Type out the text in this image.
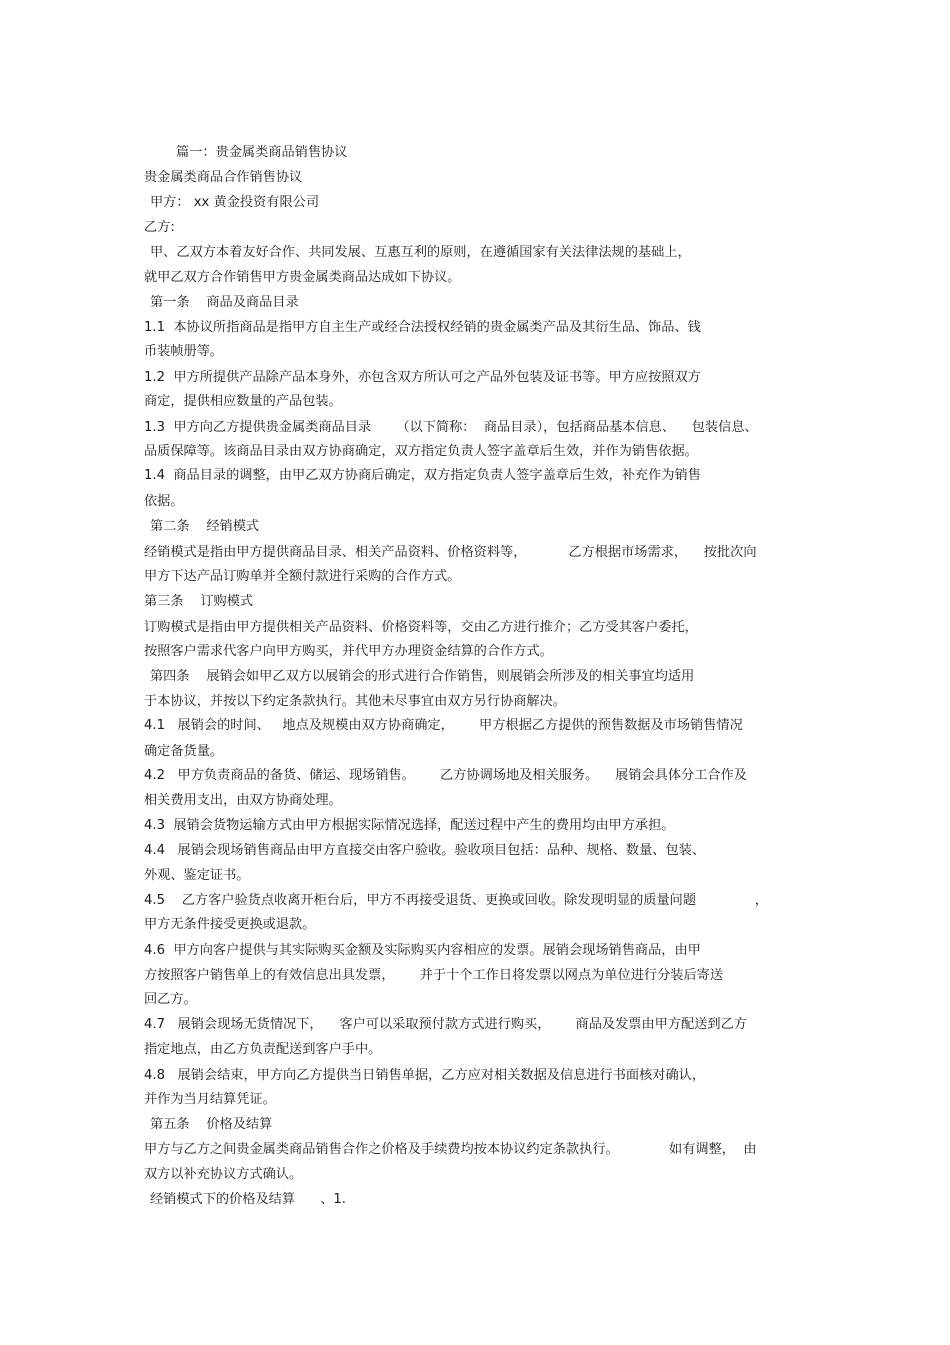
篇一：贵金属类商品销售协议
贵金属类商品合作销售协议
甲方： xx 黄金投资有限公司
乙方:
甲、乙双方本着友好合作、共同发展、互惠互利的原则，在遵循国家有关法律法规的基础上，
就甲乙双方合作销售甲方贵金属类商品达成如下协议。
第一条    商品及商品目录
1.1  本协议所指商品是指甲方自主生产或经合法授权经销的贵金属类产品及其衍生品、饰品、钱
币装帧册等。
1.2  甲方所提供产品除产品本身外，亦包含双方所认可之产品外包装及证书等。甲方应按照双方
商定，提供相应数量的产品包装。
1.3  甲方向乙方提供贵金属类商品目录      （以下简称：  商品目录），包括商品基本信息、    包装信息、
品质保障等。该商品目录由双方协商确定，双方指定负责人签字盖章后生效，并作为销售依据。
1.4  商品目录的调整，由甲乙双方协商后确定，双方指定负责人签字盖章后生效，补充作为销售
依据。
第二条    经销模式
经销模式是指由甲方提供商品目录、相关产品资料、价格资料等，          乙方根据市场需求，    按批次向
甲方下达产品订购单并全额付款进行采购的合作方式。
第三条    订购模式
订购模式是指由甲方提供相关产品资料、价格资料等，交由乙方进行推介；乙方受其客户委托，
按照客户需求代客户向甲方购买，并代甲方办理资金结算的合作方式。
第四条    展销会如甲乙双方以展销会的形式进行合作销售，则展销会所涉及的相关事宜均适用
于本协议，并按以下约定条款执行。其他未尽事宜由双方另行协商解决。
4.1   展销会的时间、   地点及规模由双方协商确定，      甲方根据乙方提供的预售数据及市场销售情况
确定备货量。
4.2   甲方负责商品的备货、储运、现场销售。      乙方协调场地及相关服务。    展销会具体分工合作及
相关费用支出，由双方协商处理。
4.3  展销会货物运输方式由甲方根据实际情况选择，配送过程中产生的费用均由甲方承担。
4.4   展销会现场销售商品由甲方直接交由客户验收。验收项目包括：品种、规格、数量、包装、
外观、鉴定证书。
4.5    乙方客户验货点收离开柜台后，甲方不再接受退货、更换或回收。除发现明显的质量问题              ，
甲方无条件接受更换或退款。
4.6  甲方向客户提供与其实际购买金额及实际购买内容相应的发票。展销会现场销售商品，由甲
方按照客户销售单上的有效信息出具发票，      并于十个工作日将发票以网点为单位进行分装后寄送
回乙方。
4.7   展销会现场无货情况下，    客户可以采取预付款方式进行购买，      商品及发票由甲方配送到乙方
指定地点，由乙方负责配送到客户手中。
4.8   展销会结束，甲方向乙方提供当日销售单据，乙方应对相关数据及信息进行书面核对确认，
并作为当月结算凭证。
第五条    价格及结算
甲方与乙方之间贵金属类商品销售合作之价格及手续费均按本协议约定条款执行。            如有调整，  由
双方以补充协议方式确认。
经销模式下的价格及结算      、1.
